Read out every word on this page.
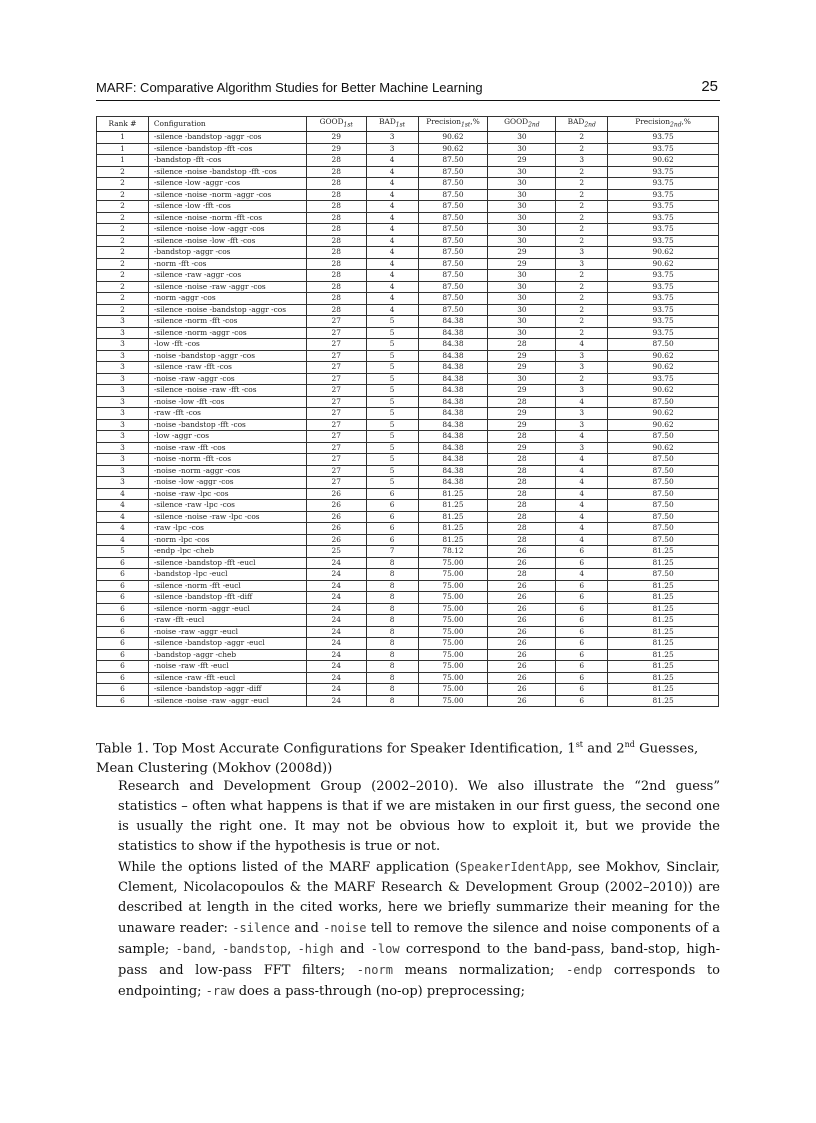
MARF: Comparative Algorithm Studies for Better Machine Learning	25
Rank #	Configuration	$GOOD_{1st}$	$BAD_{1st}$	Precision$_{1st}$,%	$GOOD_{2nd}$	$BAD_{2nd}$	Precision$_{2nd}$,%
1	-silence -bandstop -aggr -cos	29	3	90.62	30	2	93.75
1	-silence -bandstop -fft -cos	29	3	90.62	30	2	93.75
1	-bandstop -fft -cos	28	4	87.50	29	3	90.62
2	-silence -noise -bandstop -fft -cos	28	4	87.50	30	2	93.75
2	-silence -low -aggr -cos	28	4	87.50	30	2	93.75
2	-silence -noise -norm -aggr -cos	28	4	87.50	30	2	93.75
2	-silence -low -fft -cos	28	4	87.50	30	2	93.75
2	-silence -noise -norm -fft -cos	28	4	87.50	30	2	93.75
2	-silence -noise -low -aggr -cos	28	4	87.50	30	2	93.75
2	-silence -noise -low -fft -cos	28	4	87.50	30	2	93.75
2	-bandstop -aggr -cos	28	4	87.50	29	3	90.62
2	-norm -fft -cos	28	4	87.50	29	3	90.62
2	-silence -raw -aggr -cos	28	4	87.50	30	2	93.75
2	-silence -noise -raw -aggr -cos	28	4	87.50	30	2	93.75
2	-norm -aggr -cos	28	4	87.50	30	2	93.75
2	-silence -noise -bandstop -aggr -cos	28	4	87.50	30	2	93.75
3	-silence -norm -fft -cos	27	5	84.38	30	2	93.75
3	-silence -norm -aggr -cos	27	5	84.38	30	2	93.75
3	-low -fft -cos	27	5	84.38	28	4	87.50
3	-noise -bandstop -aggr -cos	27	5	84.38	29	3	90.62
3	-silence -raw -fft -cos	27	5	84.38	29	3	90.62
3	-noise -raw -aggr -cos	27	5	84.38	30	2	93.75
3	-silence -noise -raw -fft -cos	27	5	84.38	29	3	90.62
3	-noise -low -fft -cos	27	5	84.38	28	4	87.50
3	-raw -fft -cos	27	5	84.38	29	3	90.62
3	-noise -bandstop -fft -cos	27	5	84.38	29	3	90.62
3	-low -aggr -cos	27	5	84.38	28	4	87.50
3	-noise -raw -fft -cos	27	5	84.38	29	3	90.62
3	-noise -norm -fft -cos	27	5	84.38	28	4	87.50
3	-noise -norm -aggr -cos	27	5	84.38	28	4	87.50
3	-noise -low -aggr -cos	27	5	84.38	28	4	87.50
4	-noise -raw -lpc -cos	26	6	81.25	28	4	87.50
4	-silence -raw -lpc -cos	26	6	81.25	28	4	87.50
4	-silence -noise -raw -lpc -cos	26	6	81.25	28	4	87.50
4	-raw -lpc -cos	26	6	81.25	28	4	87.50
4	-norm -lpc -cos	26	6	81.25	28	4	87.50
5	-endp -lpc -cheb	25	7	78.12	26	6	81.25
6	-silence -bandstop -fft -eucl	24	8	75.00	26	6	81.25
6	-bandstop -lpc -eucl	24	8	75.00	28	4	87.50
6	-silence -norm -fft -eucl	24	8	75.00	26	6	81.25
6	-silence -bandstop -fft -diff	24	8	75.00	26	6	81.25
6	-silence -norm -aggr -eucl	24	8	75.00	26	6	81.25
6	-raw -fft -eucl	24	8	75.00	26	6	81.25
6	-noise -raw -aggr -eucl	24	8	75.00	26	6	81.25
6	-silence -bandstop -aggr -eucl	24	8	75.00	26	6	81.25
6	-bandstop -aggr -cheb	24	8	75.00	26	6	81.25
6	-noise -raw -fft -eucl	24	8	75.00	26	6	81.25
6	-silence -raw -fft -eucl	24	8	75.00	26	6	81.25
6	-silence -bandstop -aggr -diff	24	8	75.00	26	6	81.25
6	-silence -noise -raw -aggr -eucl	24	8	75.00	26	6	81.25
Table 1. Top Most Accurate Configurations for Speaker Identification, 1st and 2nd Guesses, Mean Clustering (Mokhov (2008d))

Research and Development Group (2002–2010). We also illustrate the “2nd guess” statistics – often what happens is that if we are mistaken in our first guess, the second one is usually the right one. It may not be obvious how to exploit it, but we provide the statistics to show if the hypothesis is true or not.

While the options listed of the MARF application (SpeakerIdentApp, see Mokhov, Sinclair, Clement, Nicolacopoulos & the MARF Research & Development Group (2002–2010)) are described at length in the cited works, here we briefly summarize their meaning for the unaware reader: -silence and -noise tell to remove the silence and noise components of a sample; -band, -bandstop, -high and -low correspond to the band-pass, band-stop, high-pass and low-pass FFT filters; -norm means normalization; -endp corresponds to endpointing; -raw does a pass-through (no-op) preprocessing;
